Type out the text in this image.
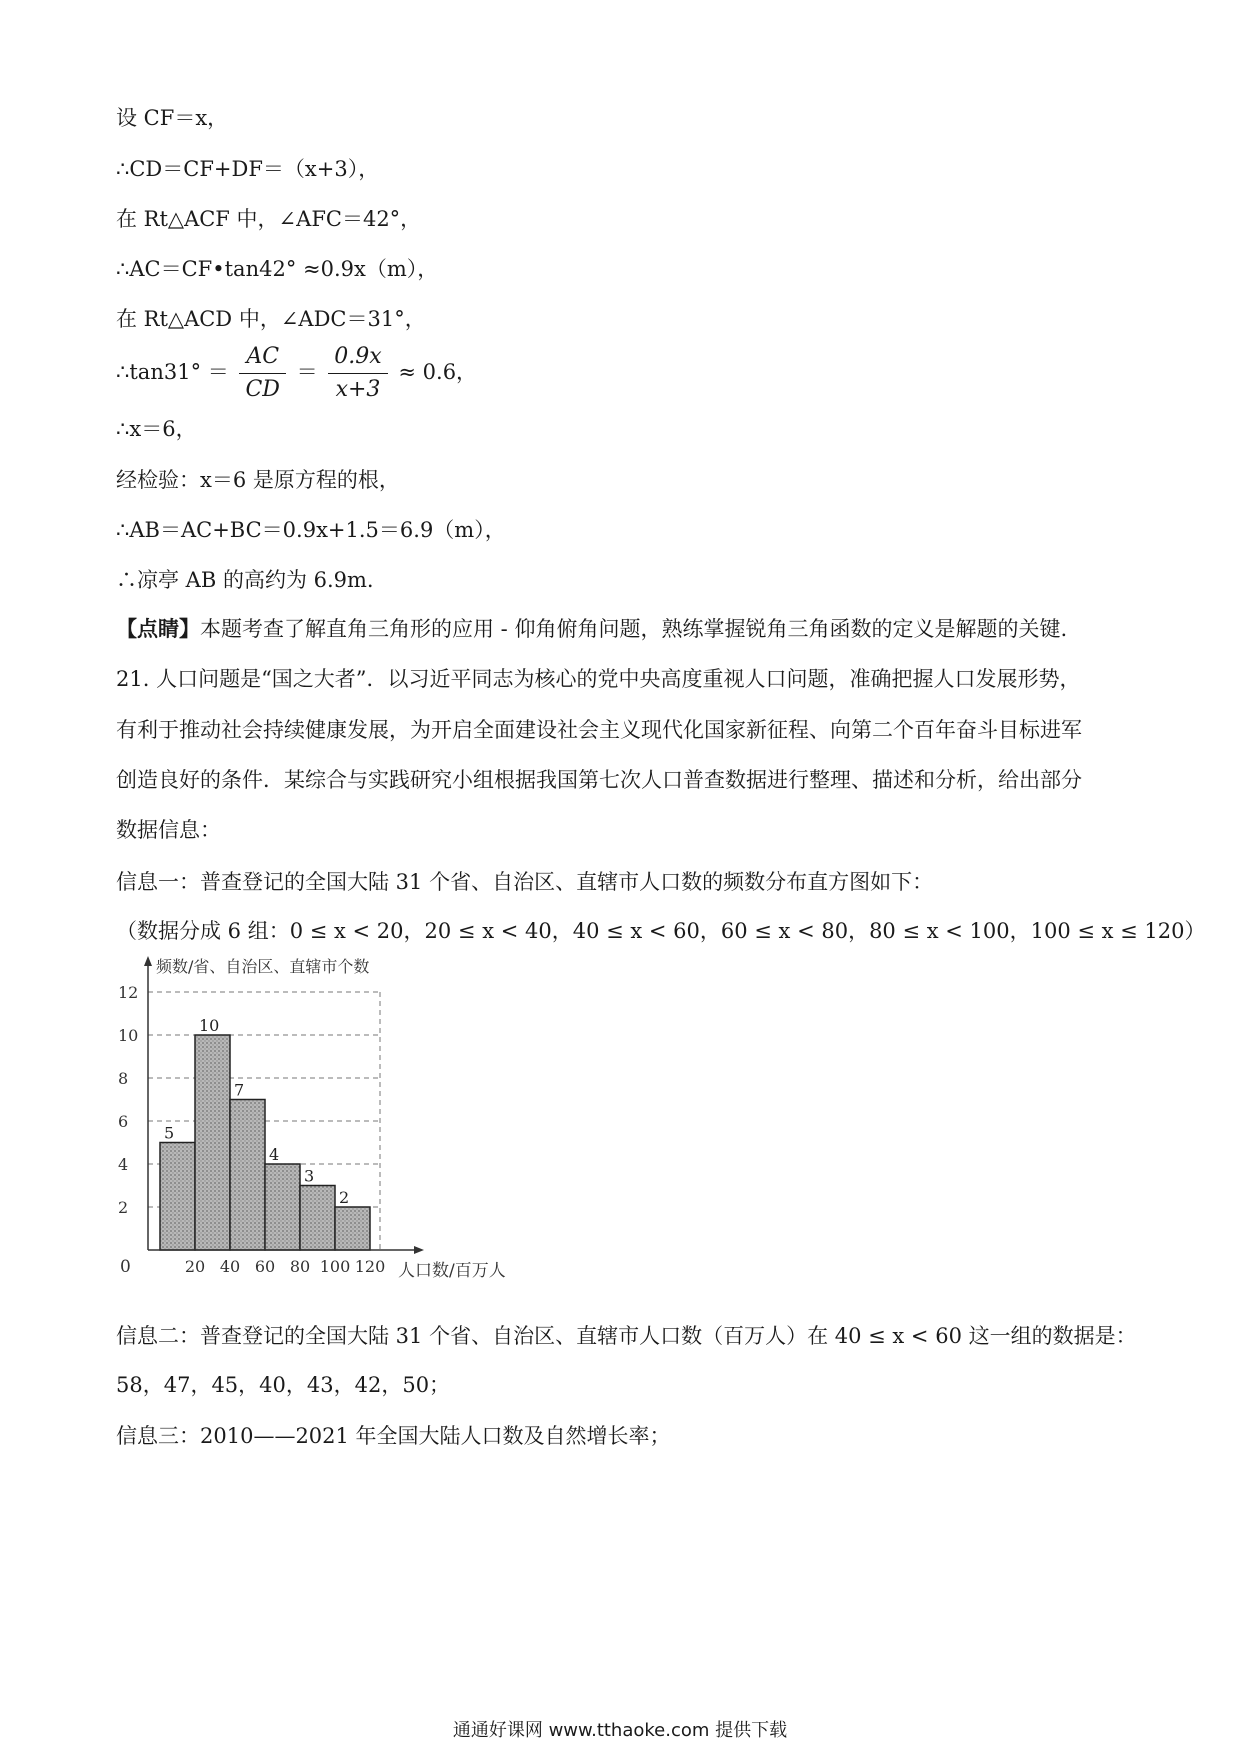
设 CF＝x，
∴CD＝CF+DF＝（x+3），
在 Rt△ACF 中，∠AFC＝42°，
∴AC＝CF•tan42° ≈0.9x（m），
在 Rt△ACD 中，∠ADC＝31°，
∴tan31° ＝ $\frac{AC}{CD} = \frac{0.9x}{x+3} \approx 0.6$，
∴x＝6，
经检验：x＝6 是原方程的根，
∴AB＝AC+BC＝0.9x+1.5＝6.9（m），
∴凉亭 AB 的高约为 6.9m.
【点睛】本题考查了解直角三角形的应用 - 仰角俯角问题，熟练掌握锐角三角函数的定义是解题的关键.
21. 人口问题是“国之大者”．以习近平同志为核心的党中央高度重视人口问题，准确把握人口发展形势，
有利于推动社会持续健康发展，为开启全面建设社会主义现代化国家新征程、向第二个百年奋斗目标进军
创造良好的条件．某综合与实践研究小组根据我国第七次人口普查数据进行整理、描述和分析，给出部分
数据信息：
信息一：普查登记的全国大陆 31 个省、自治区、直辖市人口数的频数分布直方图如下：
（数据分成 6 组：0 ≤ x < 20，20 ≤ x < 40，40 ≤ x < 60，60 ≤ x < 80，80 ≤ x < 100，100 ≤ x ≤ 120）
5
10
7
4
3
2
2
4
6
8
10
12
20 40 60 80 100 120
频数/省、自治区、直辖市个数
人口数/百万人
0
信息二：普查登记的全国大陆 31 个省、自治区、直辖市人口数（百万人）在 40 ≤ x < 60 这一组的数据是：
58，47，45，40，43，42，50；
信息三：2010——2021 年全国大陆人口数及自然增长率；
通通好课网 www.tthaoke.com 提供下载
